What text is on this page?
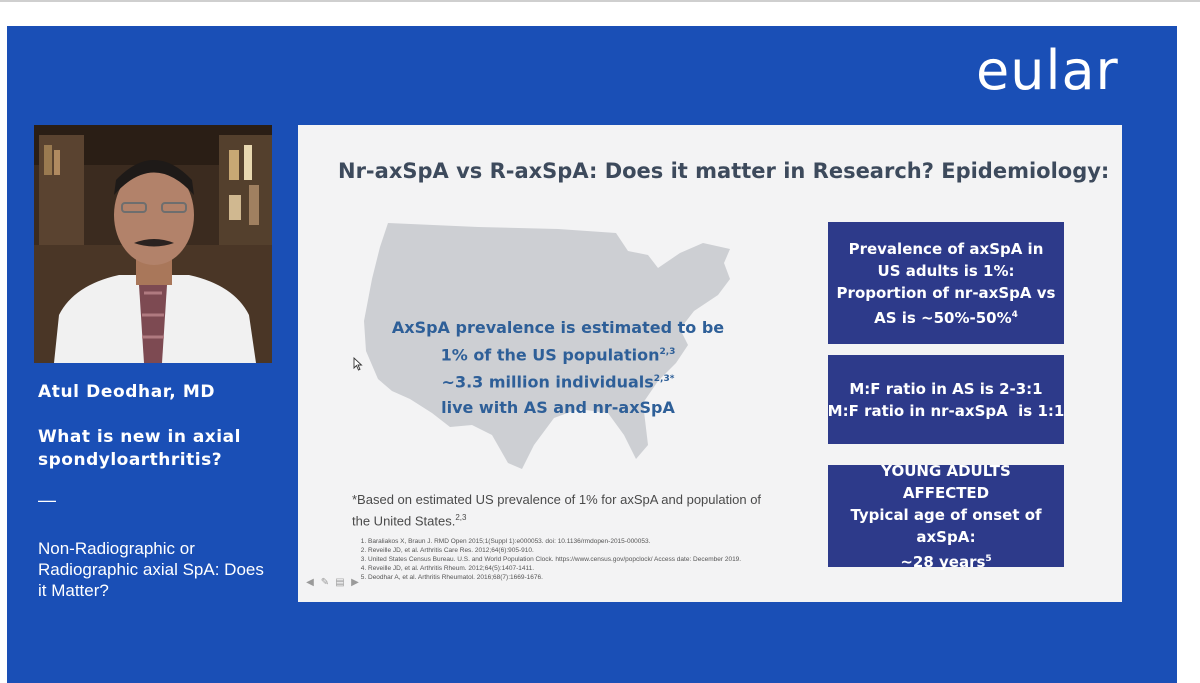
eular
Atul Deodhar, MD
What is new in axial spondyloarthritis?
—
Non-Radiographic or Radiographic axial SpA: Does it Matter?
Nr-axSpA vs R-axSpA: Does it matter in Research? Epidemiology:
AxSpA prevalence is estimated to be
1% of the US population$^{2,3}$
~3.3 million individuals$^{2,3*}$
live with AS and nr-axSpA
Prevalence of axSpA in US adults is 1%:
Proportion of nr-axSpA vs AS is ~50%-50%$^4$
M:F ratio in AS is 2-3:1
M:F ratio in nr-axSpA  is 1:1
YOUNG ADULTS AFFECTED
Typical age of onset of axSpA:
~28 years$^5$
*Based on estimated US prevalence of 1% for axSpA and population of the United States.$^{2,3}$
1. Baraliakos X, Braun J. RMD Open 2015;1(Suppl 1):e000053. doi: 10.1136/rmdopen-2015-000053.
2. Reveille JD, et al. Arthritis Care Res. 2012;64(6):905-910.
3. United States Census Bureau. U.S. and World Population Clock. https://www.census.gov/popclock/ Access date: December 2019.
4. Reveille JD, et al. Arthritis Rheum. 2012;64(5):1407-1411.
5. Deodhar A, et al. Arthritis Rheumatol. 2016;68(7):1669-1676.
◀ ✎ ▤ ▶
